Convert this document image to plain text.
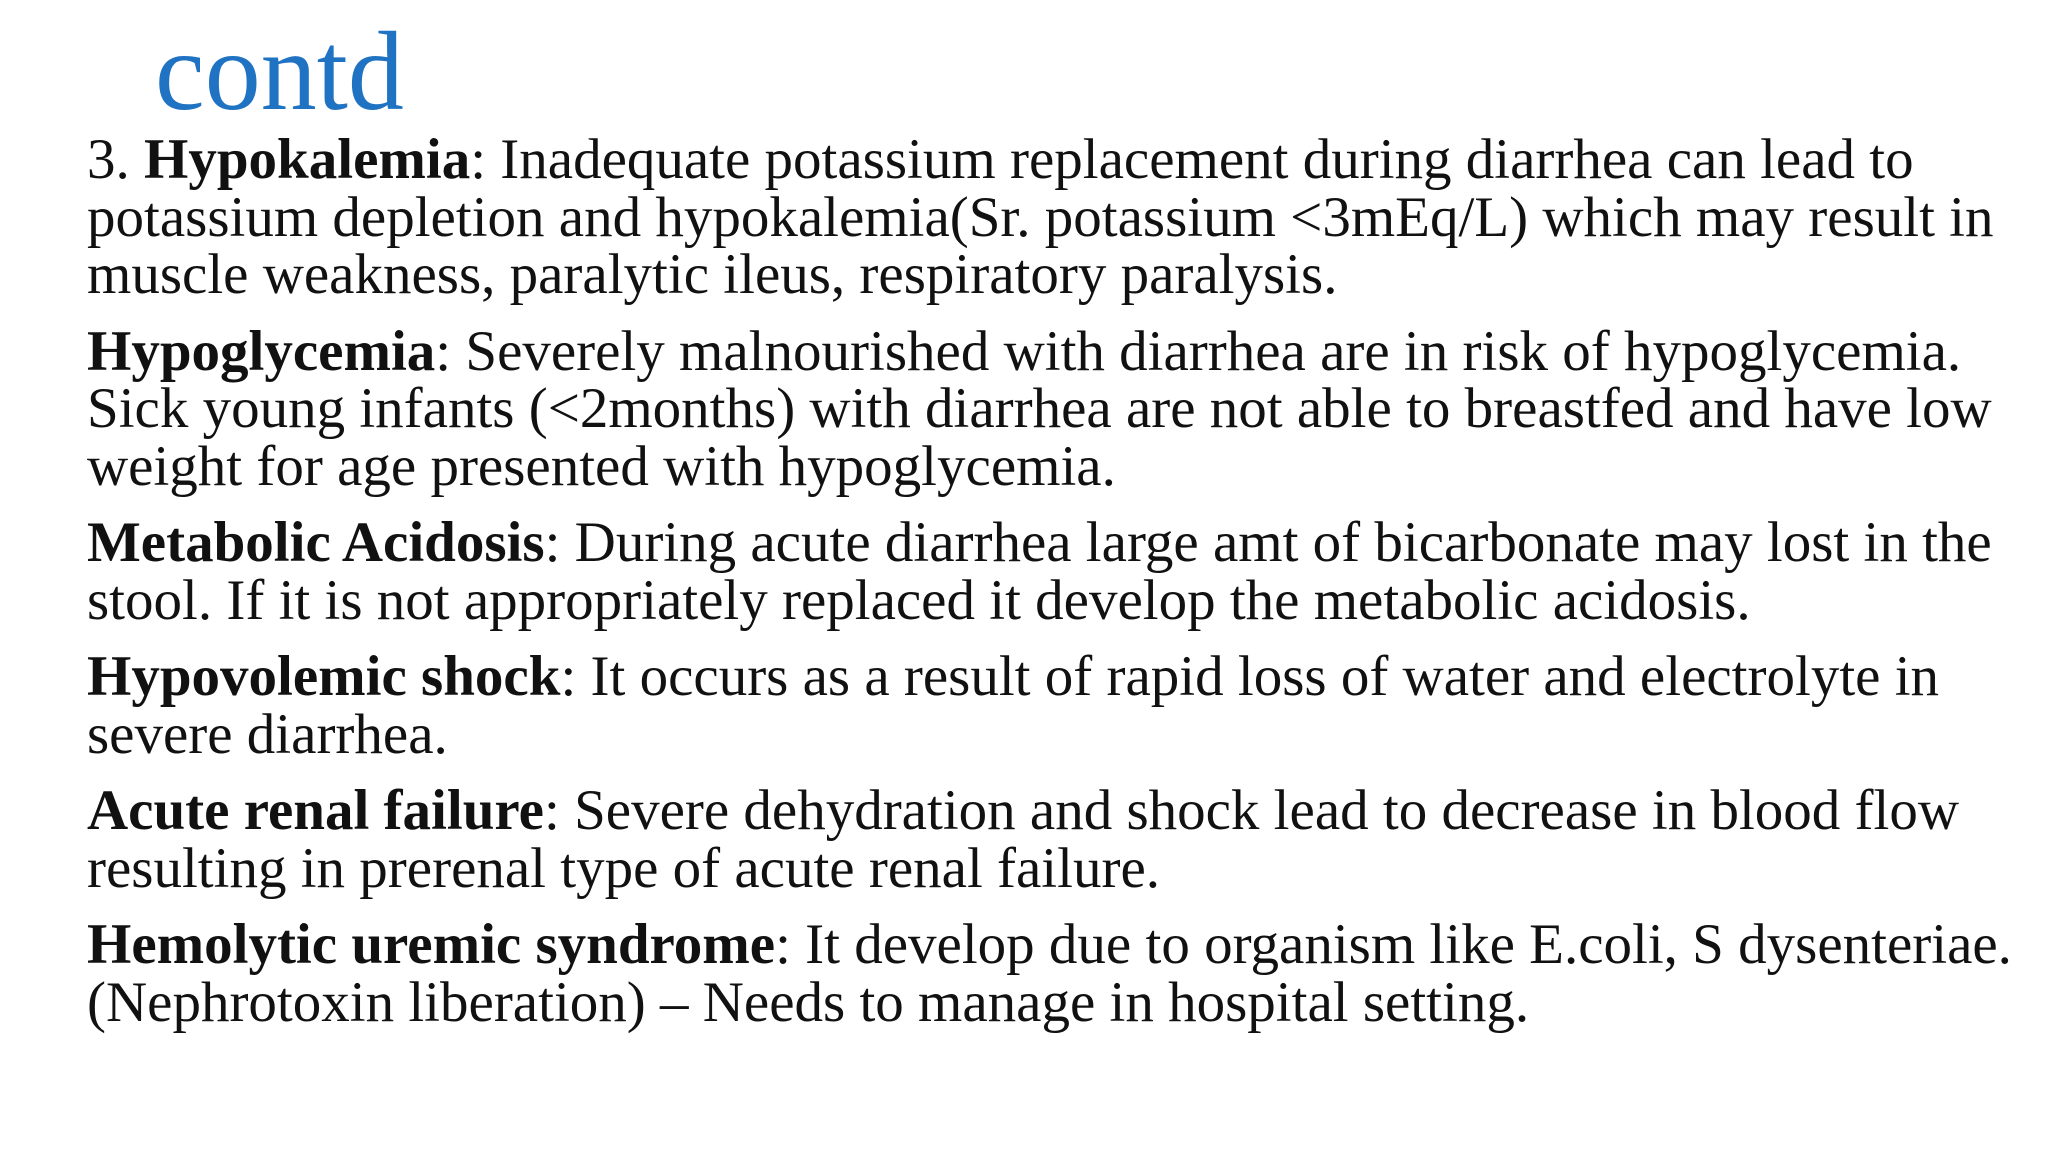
contd

3. Hypokalemia: Inadequate potassium replacement during diarrhea can lead to potassium depletion and hypokalemia(Sr. potassium <3mEq/L) which may result in muscle weakness, paralytic ileus, respiratory paralysis.

Hypoglycemia: Severely malnourished with diarrhea are in risk of hypoglycemia. Sick young infants (<2months) with diarrhea are not able to breastfed and have low weight for age presented with hypoglycemia.

Metabolic Acidosis: During acute diarrhea large amt of bicarbonate may lost in the stool. If it is not appropriately replaced it develop the metabolic acidosis.

Hypovolemic shock: It occurs as a result of rapid loss of water and electrolyte in severe diarrhea.

Acute renal failure: Severe dehydration and shock lead to decrease in blood flow resulting in prerenal type of acute renal failure.

Hemolytic uremic syndrome: It develop due to organism like E.coli, S dysenteriae. (Nephrotoxin liberation) – Needs to manage in hospital setting.
